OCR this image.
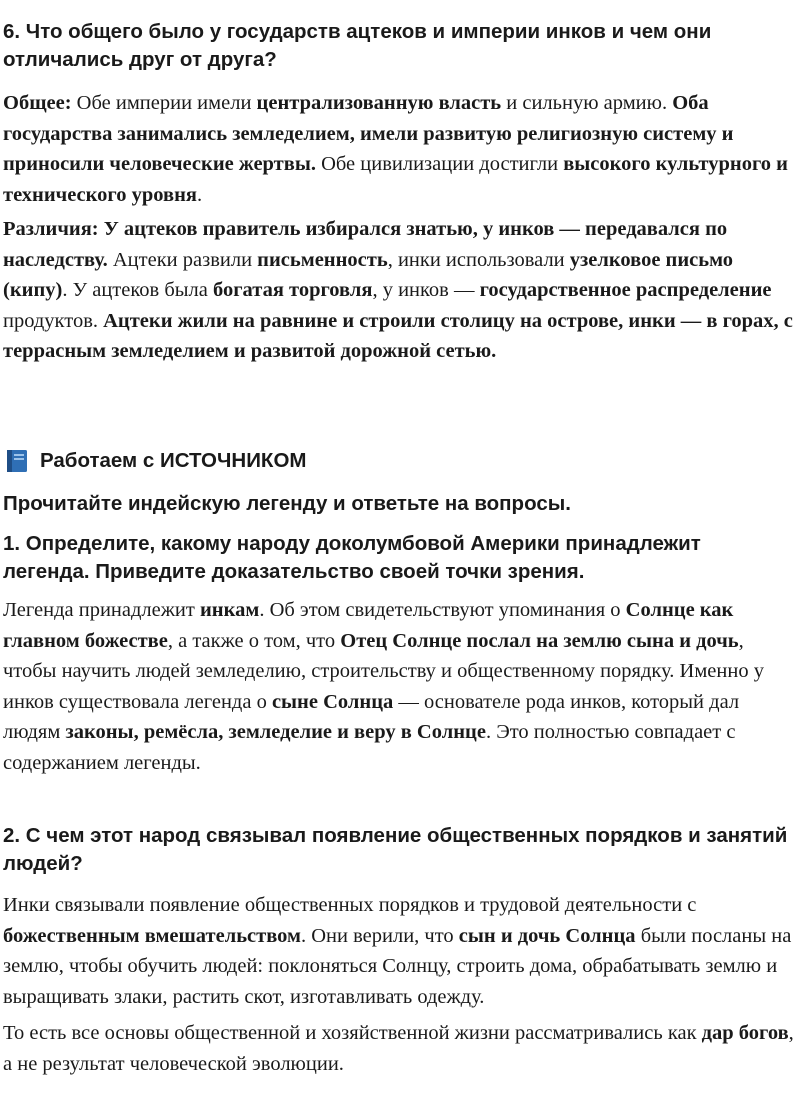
6. Что общего было у государств ацтеков и империи инков и чем они отличались друг от друга?

Общее: Обе империи имели централизованную власть и сильную армию. Оба государства занимались земледелием, имели развитую религиозную систему и приносили человеческие жертвы. Обе цивилизации достигли высокого культурного и технического уровня.

Различия: У ацтеков правитель избирался знатью, у инков — передавался по наследству. Ацтеки развили письменность, инки использовали узелковое письмо (кипу). У ацтеков была богатая торговля, у инков — государственное распределение продуктов. Ацтеки жили на равнине и строили столицу на острове, инки — в горах, с террасным земледелием и развитой дорожной сетью.

Работаем с ИСТОЧНИКОМ
Прочитайте индейскую легенду и ответьте на вопросы.
1. Определите, какому народу доколумбовой Америки принадлежит легенда. Приведите доказательство своей точки зрения.

Легенда принадлежит инкам. Об этом свидетельствуют упоминания о Солнце как главном божестве, а также о том, что Отец Солнце послал на землю сына и дочь, чтобы научить людей земледелию, строительству и общественному порядку. Именно у инков существовала легенда о сыне Солнца — основателе рода инков, который дал людям законы, ремёсла, земледелие и веру в Солнце. Это полностью совпадает с содержанием легенды.

2. С чем этот народ связывал появление общественных порядков и занятий людей?

Инки связывали появление общественных порядков и трудовой деятельности с божественным вмешательством. Они верили, что сын и дочь Солнца были посланы на землю, чтобы обучить людей: поклоняться Солнцу, строить дома, обрабатывать землю и выращивать злаки, растить скот, изготавливать одежду.

То есть все основы общественной и хозяйственной жизни рассматривались как дар богов, а не результат человеческой эволюции.
